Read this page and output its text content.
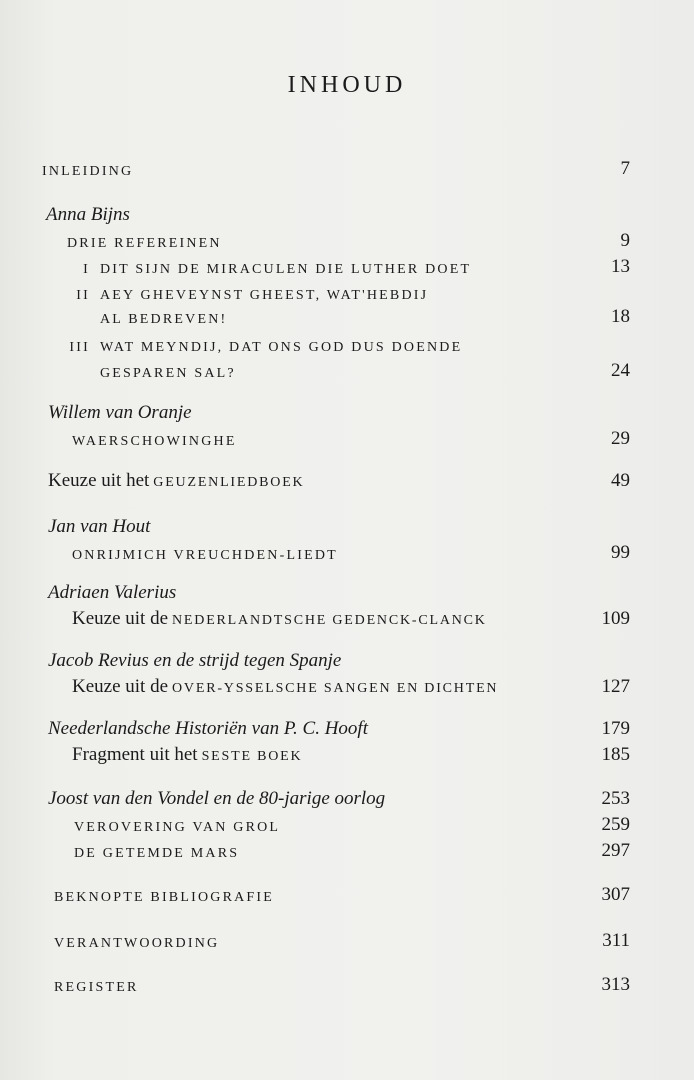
INHOUD
INLEIDING	7
Anna Bijns
DRIE REFEREINEN	9
I DIT SIJN DE MIRACULEN DIE LUTHER DOET	13
II AEY GHEVEYNST GHEEST, WAT'HEBDIJ
AL BEDREVEN!	18
III WAT MEYNDIJ, DAT ONS GOD DUS DOENDE
GESPAREN SAL?	24
Willem van Oranje
WAERSCHOWINGHE	29
Keuze uit het GEUZENLIEDBOEK	49
Jan van Hout
ONRIJMICH VREUCHDEN-LIEDT	99
Adriaen Valerius
Keuze uit de NEDERLANDTSCHE GEDENCK-CLANCK	109
Jacob Revius en de strijd tegen Spanje
Keuze uit de OVER-YSSELSCHE SANGEN EN DICHTEN	127
Neederlandsche Historiën van P. C. Hooft	179
Fragment uit het SESTE BOEK	185
Joost van den Vondel en de 80-jarige oorlog	253
VEROVERING VAN GROL	259
DE GETEMDE MARS	297
BEKNOPTE BIBLIOGRAFIE	307
VERANTWOORDING	311
REGISTER	313
